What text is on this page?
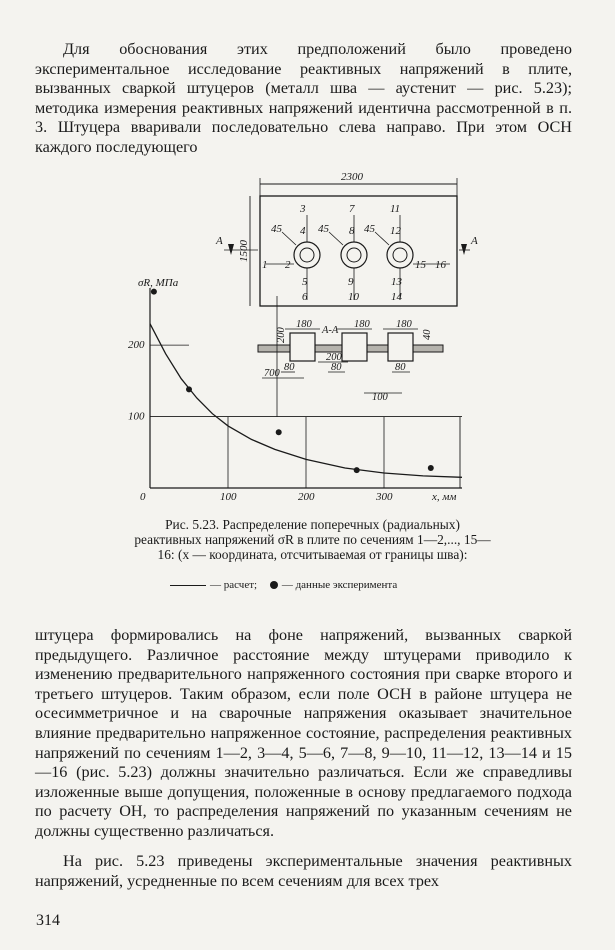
Для обоснования этих предположений было проведено экспериментальное исследование реактивных напряжений в плите, вызванных сваркой штуцеров (металл шва — аустенит — рис. 5.23); методика измерения реактивных напряжений идентична рассмотренной в п. 3. Штуцера вваривали последовательно слева направо. При этом ОСН каждого последующего

2300
1500
A	A
3
4
7
8
11
12
5
6
9
10
13
14
1 2	15 16
45	45	45
A-A
180	180	180
200
200
40
700
80	80	80
100
0	100	200	300
100
200
σR, МПа
x, мм
Рис. 5.23. Распределение поперечных (радиальных) реактивных напряжений σR в плите по сечениям 1—2,..., 15—16: (x — координата, отсчитываемая от границы шва):
— расчет; — данные эксперимента

штуцера формировались на фоне напряжений, вызванных сваркой предыдущего. Различное расстояние между штуцерами приводило к изменению предварительного напряженного состояния при сварке второго и третьего штуцеров. Таким образом, если поле ОСН в районе штуцера не осесимметричное и на сварочные напряжения оказывает значительное влияние предварительно напряженное состояние, распределения реактивных напряжений по сечениям 1—2, 3—4, 5—6, 7—8, 9—10, 11—12, 13—14 и 15—16 (рис. 5.23) должны значительно различаться. Если же справедливы изложенные выше допущения, положенные в основу предлагаемого подхода по расчету ОН, то распределения напряжений по указанным сечениям не должны существенно различаться.

На рис. 5.23 приведены экспериментальные значения реактивных напряжений, усредненные по всем сечениям для всех трех

314
